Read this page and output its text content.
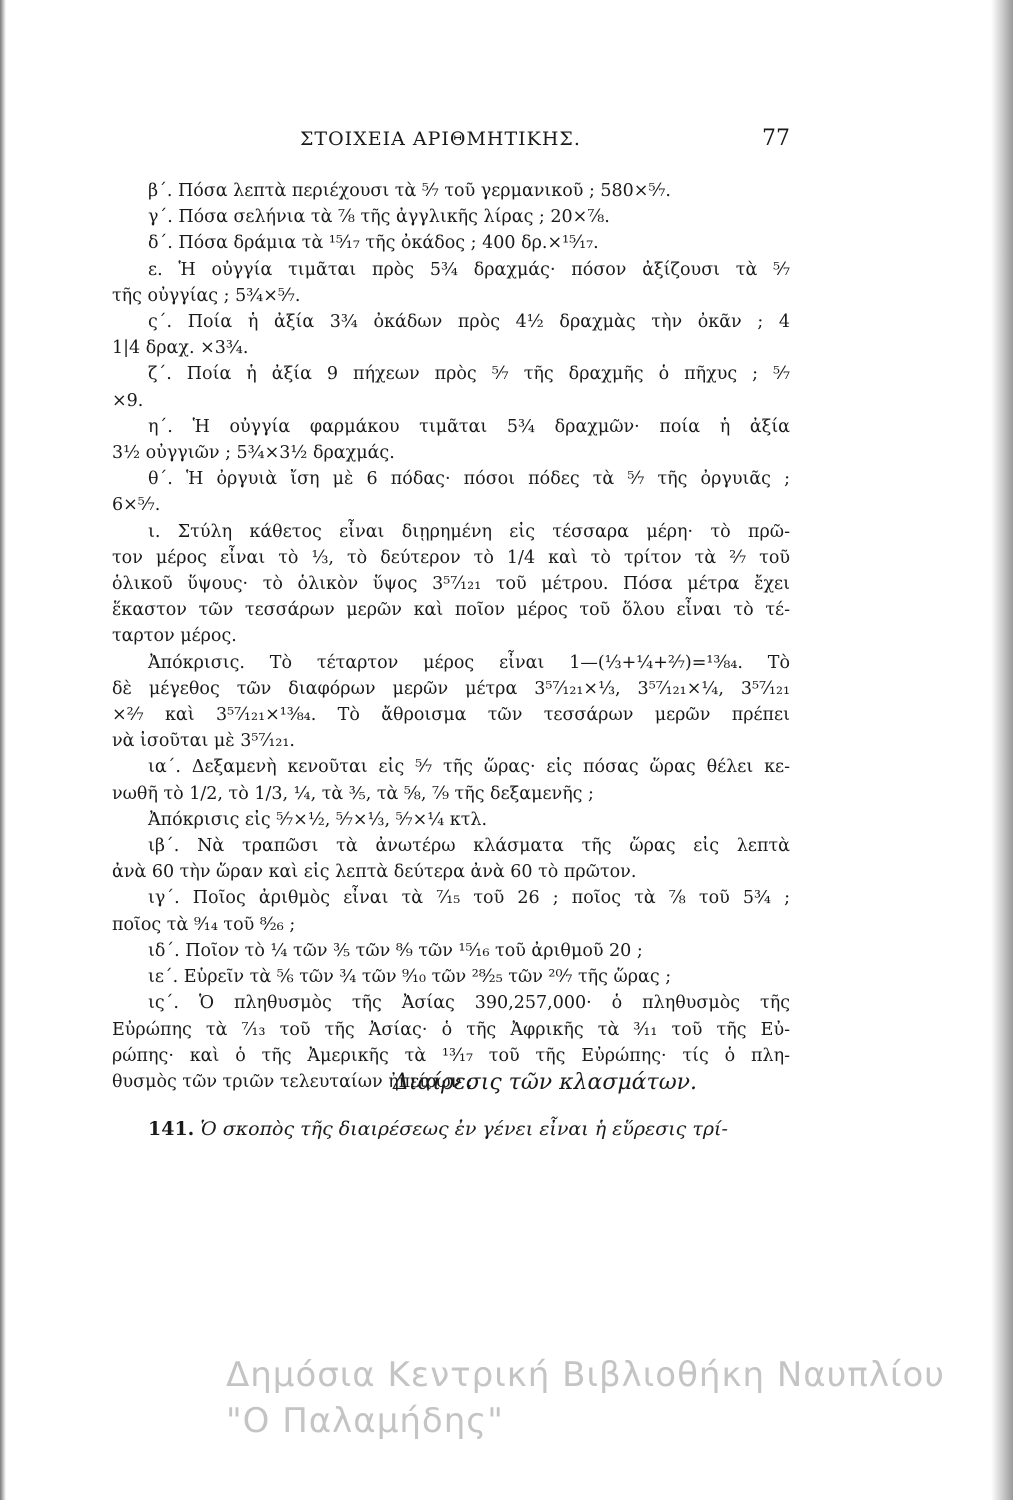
ΣΤΟΙΧΕΙΑ ΑΡΙΘΜΗΤΙΚΗΣ.	77
β΄. Πόσα λεπτὰ περιέχουσι τὰ ⁵⁄₇ τοῦ γερμανικοῦ ; 580×⁵⁄₇.
γ΄. Πόσα σελήνια τὰ ⁷⁄₈ τῆς ἀγγλικῆς λίρας ; 20×⁷⁄₈.
δ΄. Πόσα δράμια τὰ ¹⁵⁄₁₇ τῆς ὀκάδος ; 400 δρ.×¹⁵⁄₁₇.
ε. Ἡ οὐγγία τιμᾶται πρὸς 5¾ δραχμάς· πόσον ἀξίζουσι τὰ ⁵⁄₇
τῆς οὐγγίας ; 5¾×⁵⁄₇.
ς΄. Ποία ἡ ἀξία 3¾ ὀκάδων πρὸς 4½ δραχμὰς τὴν ὀκᾶν ; 4
1|4 δραχ. ×3¾.
ζ΄. Ποία ἡ ἀξία 9 πήχεων πρὸς ⁵⁄₇ τῆς δραχμῆς ὁ πῆχυς ; ⁵⁄₇
×9.
η΄. Ἡ οὐγγία φαρμάκου τιμᾶται 5¾ δραχμῶν· ποία ἡ ἀξία
3½ οὐγγιῶν ; 5¾×3½ δραχμάς.
θ΄. Ἡ ὀργυιὰ ἴση μὲ 6 πόδας· πόσοι πόδες τὰ ⁵⁄₇ τῆς ὀργυιᾶς ;
6×⁵⁄₇.
ι. Στύλη κάθετος εἶναι διῃρημένη εἰς τέσσαρα μέρη· τὸ πρῶ-
τον μέρος εἶναι τὸ ⅓, τὸ δεύτερον τὸ 1/4 καὶ τὸ τρίτον τὰ ²⁄₇ τοῦ
ὁλικοῦ ὕψους· τὸ ὁλικὸν ὕψος 3⁵⁷⁄₁₂₁ τοῦ μέτρου. Πόσα μέτρα ἔχει
ἕκαστον τῶν τεσσάρων μερῶν καὶ ποῖον μέρος τοῦ ὅλου εἶναι τὸ τέ-
ταρτον μέρος.
Ἀπόκρισις. Τὸ τέταρτον μέρος εἶναι 1—(⅓+¼+²⁄₇)=¹³⁄₈₄. Τὸ
δὲ μέγεθος τῶν διαφόρων μερῶν μέτρα 3⁵⁷⁄₁₂₁×⅓, 3⁵⁷⁄₁₂₁×¼, 3⁵⁷⁄₁₂₁
×²⁄₇ καὶ 3⁵⁷⁄₁₂₁×¹³⁄₈₄. Τὸ ἄθροισμα τῶν τεσσάρων μερῶν πρέπει
νὰ ἰσοῦται μὲ 3⁵⁷⁄₁₂₁.
ια΄. Δεξαμενὴ κενοῦται εἰς ⁵⁄₇ τῆς ὥρας· εἰς πόσας ὥρας θέλει κε-
νωθῆ τὸ 1/2, τὸ 1/3, ¼, τὰ ⅗, τὰ ⅝, ⁷⁄₉ τῆς δεξαμενῆς ;
Ἀπόκρισις εἰς ⁵⁄₇×½, ⁵⁄₇×⅓, ⁵⁄₇×¼ κτλ.
ιβ΄. Νὰ τραπῶσι τὰ ἀνωτέρω κλάσματα τῆς ὥρας εἰς λεπτὰ
ἀνὰ 60 τὴν ὥραν καὶ εἰς λεπτὰ δεύτερα ἀνὰ 60 τὸ πρῶτον.
ιγ΄. Ποῖος ἀριθμὸς εἶναι τὰ ⁷⁄₁₅ τοῦ 26 ; ποῖος τὰ ⅞ τοῦ 5¾ ;
ποῖος τὰ ⁹⁄₁₄ τοῦ ⁸⁄₂₆ ;
ιδ΄. Ποῖον τὸ ¼ τῶν ⅗ τῶν ⁸⁄₉ τῶν ¹⁵⁄₁₆ τοῦ ἀριθμοῦ 20 ;
ιε΄. Εὑρεῖν τὰ ⅚ τῶν ¾ τῶν ⁹⁄₁₀ τῶν ²⁸⁄₂₅ τῶν ²⁰⁄₇ τῆς ὥρας ;
ις΄. Ὁ πληθυσμὸς τῆς Ἀσίας 390,257,000· ὁ πληθυσμὸς τῆς
Εὐρώπης τὰ ⁷⁄₁₃ τοῦ τῆς Ἀσίας· ὁ τῆς Ἀφρικῆς τὰ ³⁄₁₁ τοῦ τῆς Εὐ-
ρώπης· καὶ ὁ τῆς Ἀμερικῆς τὰ ¹³⁄₁₇ τοῦ τῆς Εὐρώπης· τίς ὁ πλη-
θυσμὸς τῶν τριῶν τελευταίων ἠπείρων ;
Διαίρεσις τῶν κλασμάτων.
141. Ὁ σκοπὸς τῆς διαιρέσεως ἐν γένει εἶναι ἡ εὕρεσις τρί-
Δημόσια Κεντρική Βιβλιοθήκη Ναυπλίου
"Ο Παλαμήδης"
